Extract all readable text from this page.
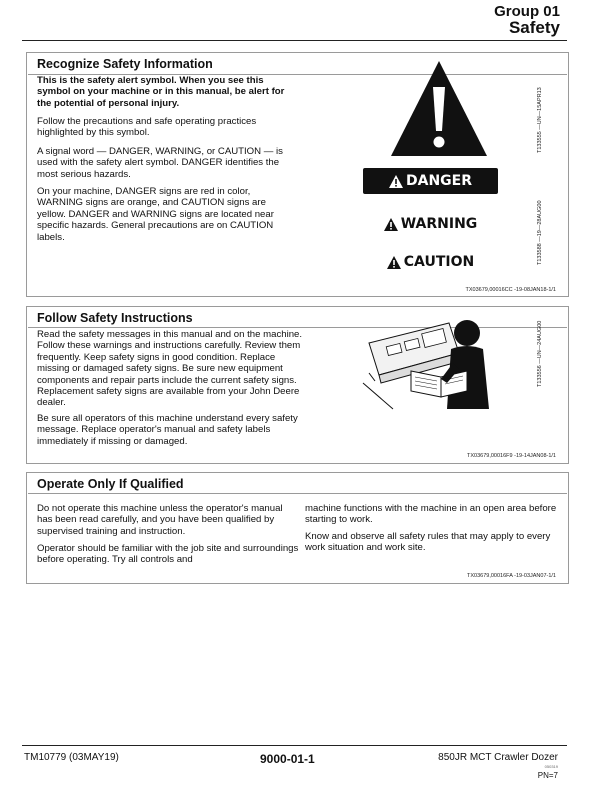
Group 01
Safety
Recognize Safety Information

This is the safety alert symbol. When you see this symbol on your machine or in this manual, be alert for the potential of personal injury.

Follow the precautions and safe operating practices highlighted by this symbol.

A signal word — DANGER, WARNING, or CAUTION — is used with the safety alert symbol. DANGER identifies the most serious hazards.

On your machine, DANGER signs are red in color, WARNING signs are orange, and CAUTION signs are yellow. DANGER and WARNING signs are located near specific hazards. General precautions are on CAUTION labels.

DANGER
WARNING
CAUTION
T133555 —UN—15APR13
T133588 —19—28AUG00
TX03679,00016CC -19-08JAN18-1/1
Follow Safety Instructions

Read the safety messages in this manual and on the machine. Follow these warnings and instructions carefully. Review them frequently. Keep safety signs in good condition. Replace missing or damaged safety signs. Be sure new equipment components and repair parts include the current safety signs. Replacement safety signs are available from your John Deere dealer.

Be sure all operators of this machine understand every safety message. Replace operator's manual and safety labels immediately if missing or damaged.

T133556 —UN—24AUG00
TX03679,00016F9 -19-14JAN08-1/1
Operate Only If Qualified

Do not operate this machine unless the operator's manual has been read carefully, and you have been qualified by supervised training and instruction.

Operator should be familiar with the job site and surroundings before operating. Try all controls and

machine functions with the machine in an open area before starting to work.

Know and observe all safety rules that may apply to every work situation and work site.

TX03679,00016FA -19-03JAN07-1/1
TM10779 (03MAY19)	9000-01-1	850JR MCT Crawler Dozer
050319
PN=7
